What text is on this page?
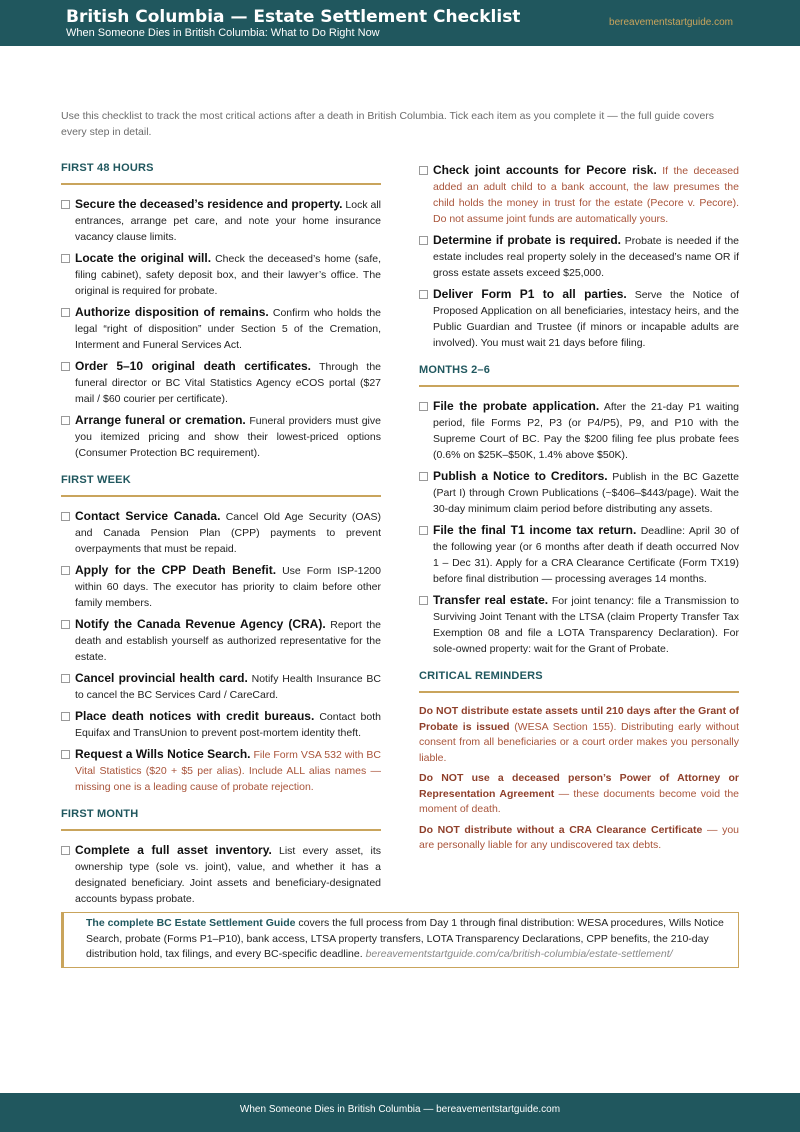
British Columbia — Estate Settlement Checklist
When Someone Dies in British Columbia: What to Do Right Now
bereavementstartguide.com
Use this checklist to track the most critical actions after a death in British Columbia. Tick each item as you complete it — the full guide covers every step in detail.
FIRST 48 HOURS
Secure the deceased’s residence and property. Lock all entrances, arrange pet care, and note your home insurance vacancy clause limits.
Locate the original will. Check the deceased’s home (safe, filing cabinet), safety deposit box, and their lawyer’s office. The original is required for probate.
Authorize disposition of remains. Confirm who holds the legal “right of disposition” under Section 5 of the Cremation, Interment and Funeral Services Act.
Order 5–10 original death certificates. Through the funeral director or BC Vital Statistics Agency eCOS portal ($27 mail / $60 courier per certificate).
Arrange funeral or cremation. Funeral providers must give you itemized pricing and show their lowest-priced options (Consumer Protection BC requirement).
FIRST WEEK
Contact Service Canada. Cancel Old Age Security (OAS) and Canada Pension Plan (CPP) payments to prevent overpayments that must be repaid.
Apply for the CPP Death Benefit. Use Form ISP-1200 within 60 days. The executor has priority to claim before other family members.
Notify the Canada Revenue Agency (CRA). Report the death and establish yourself as authorized representative for the estate.
Cancel provincial health card. Notify Health Insurance BC to cancel the BC Services Card / CareCard.
Place death notices with credit bureaus. Contact both Equifax and TransUnion to prevent post-mortem identity theft.
Request a Wills Notice Search. File Form VSA 532 with BC Vital Statistics ($20 + $5 per alias). Include ALL alias names — missing one is a leading cause of probate rejection.
FIRST MONTH
Complete a full asset inventory. List every asset, its ownership type (sole vs. joint), value, and whether it has a designated beneficiary. Joint assets and beneficiary-designated accounts bypass probate.
Check joint accounts for Pecore risk. If the deceased added an adult child to a bank account, the law presumes the child holds the money in trust for the estate (Pecore v. Pecore). Do not assume joint funds are automatically yours.
Determine if probate is required. Probate is needed if the estate includes real property solely in the deceased’s name OR if gross estate assets exceed $25,000.
Deliver Form P1 to all parties. Serve the Notice of Proposed Application on all beneficiaries, intestacy heirs, and the Public Guardian and Trustee (if minors or incapable adults are involved). You must wait 21 days before filing.
MONTHS 2–6
File the probate application. After the 21-day P1 waiting period, file Forms P2, P3 (or P4/P5), P9, and P10 with the Supreme Court of BC. Pay the $200 filing fee plus probate fees (0.6% on $25K–$50K, 1.4% above $50K).
Publish a Notice to Creditors. Publish in the BC Gazette (Part I) through Crown Publications (~$406–$443/page). Wait the 30-day minimum claim period before distributing any assets.
File the final T1 income tax return. Deadline: April 30 of the following year (or 6 months after death if death occurred Nov 1 – Dec 31). Apply for a CRA Clearance Certificate (Form TX19) before final distribution — processing averages 14 months.
Transfer real estate. For joint tenancy: file a Transmission to Surviving Joint Tenant with the LTSA (claim Property Transfer Tax Exemption 08 and file a LOTA Transparency Declaration). For sole-owned property: wait for the Grant of Probate.
CRITICAL REMINDERS
Do NOT distribute estate assets until 210 days after the Grant of Probate is issued (WESA Section 155). Distributing early without consent from all beneficiaries or a court order makes you personally liable.
Do NOT use a deceased person’s Power of Attorney or Representation Agreement — these documents become void the moment of death.
Do NOT distribute without a CRA Clearance Certificate — you are personally liable for any undiscovered tax debts.
The complete BC Estate Settlement Guide covers the full process from Day 1 through final distribution: WESA procedures, Wills Notice Search, probate (Forms P1–P10), bank access, LTSA property transfers, LOTA Transparency Declarations, CPP benefits, the 210-day distribution hold, tax filings, and every BC-specific deadline. bereavementstartguide.com/ca/british-columbia/estate-settlement/
When Someone Dies in British Columbia — bereavementstartguide.com
